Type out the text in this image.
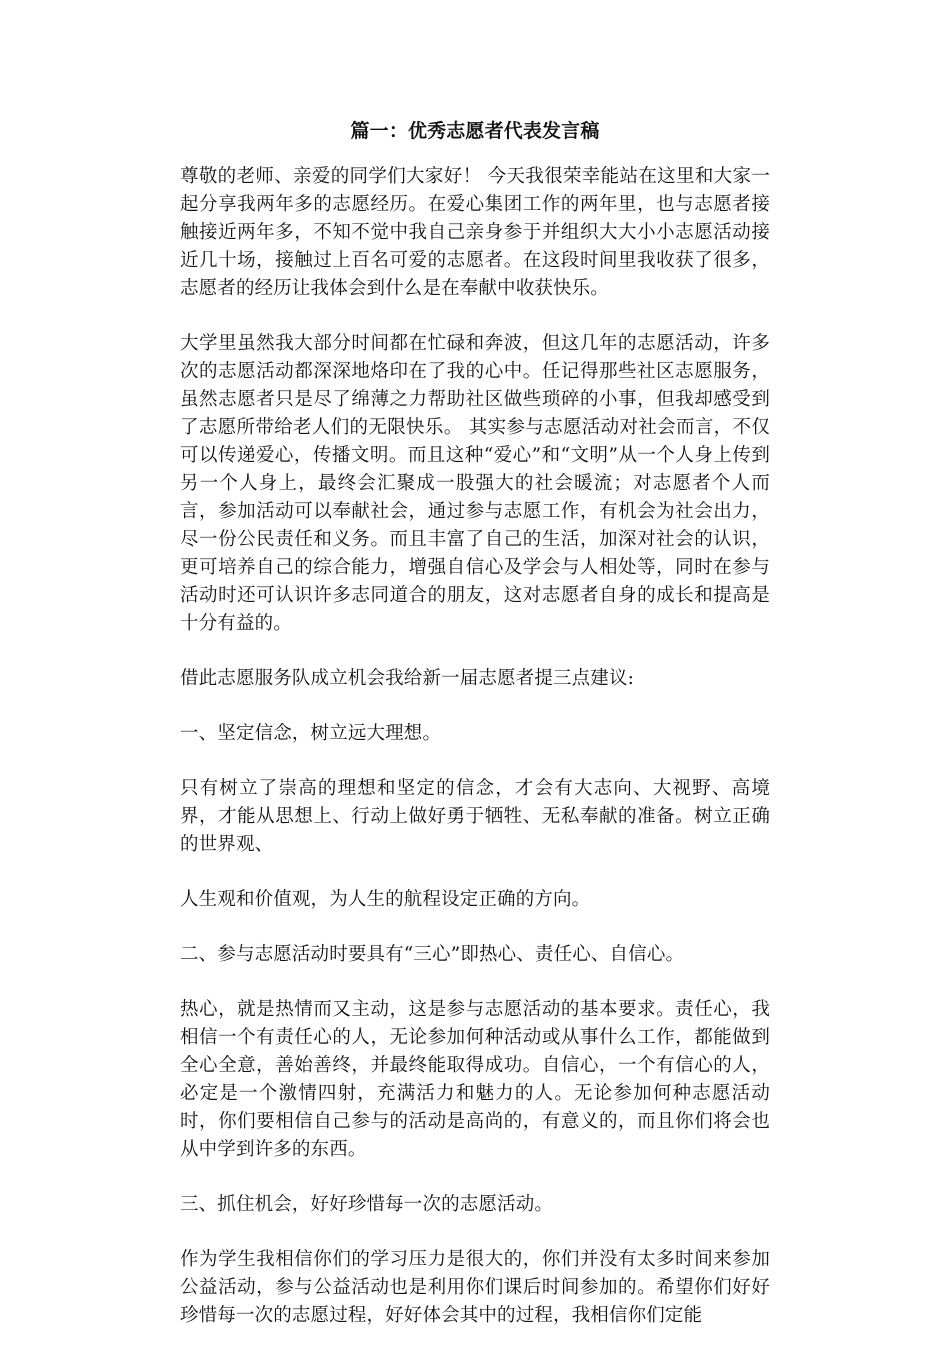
篇一：优秀志愿者代表发言稿

尊敬的老师、亲爱的同学们大家好！ 今天我很荣幸能站在这里和大家一起分享我两年多的志愿经历。在爱心集团工作的两年里，也与志愿者接触接近两年多，不知不觉中我自己亲身参于并组织大大小小志愿活动接近几十场，接触过上百名可爱的志愿者。在这段时间里我收获了很多，志愿者的经历让我体会到什么是在奉献中收获快乐。

大学里虽然我大部分时间都在忙碌和奔波，但这几年的志愿活动，许多次的志愿活动都深深地烙印在了我的心中。任记得那些社区志愿服务，虽然志愿者只是尽了绵薄之力帮助社区做些琐碎的小事，但我却感受到了志愿所带给老人们的无限快乐。 其实参与志愿活动对社会而言，不仅可以传递爱心，传播文明。而且这种“爱心”和“文明”从一个人身上传到另一个人身上，最终会汇聚成一股强大的社会暖流；对志愿者个人而言，参加活动可以奉献社会，通过参与志愿工作，有机会为社会出力，尽一份公民责任和义务。而且丰富了自己的生活，加深对社会的认识，更可培养自己的综合能力，增强自信心及学会与人相处等，同时在参与活动时还可认识许多志同道合的朋友，这对志愿者自身的成长和提高是十分有益的。

借此志愿服务队成立机会我给新一届志愿者提三点建议:

一、坚定信念，树立远大理想。

只有树立了崇高的理想和坚定的信念，才会有大志向、大视野、高境界，才能从思想上、行动上做好勇于牺牲、无私奉献的准备。树立正确的世界观、

人生观和价值观，为人生的航程设定正确的方向。

二、参与志愿活动时要具有“三心”即热心、责任心、自信心。

热心，就是热情而又主动，这是参与志愿活动的基本要求。责任心，我相信一个有责任心的人，无论参加何种活动或从事什么工作，都能做到全心全意，善始善终，并最终能取得成功。自信心，一个有信心的人，必定是一个激情四射，充满活力和魅力的人。无论参加何种志愿活动时，你们要相信自己参与的活动是高尚的，有意义的，而且你们将会也从中学到许多的东西。

三、抓住机会，好好珍惜每一次的志愿活动。

作为学生我相信你们的学习压力是很大的，你们并没有太多时间来参加公益活动，参与公益活动也是利用你们课后时间参加的。希望你们好好珍惜每一次的志愿过程，好好体会其中的过程，我相信你们定能
